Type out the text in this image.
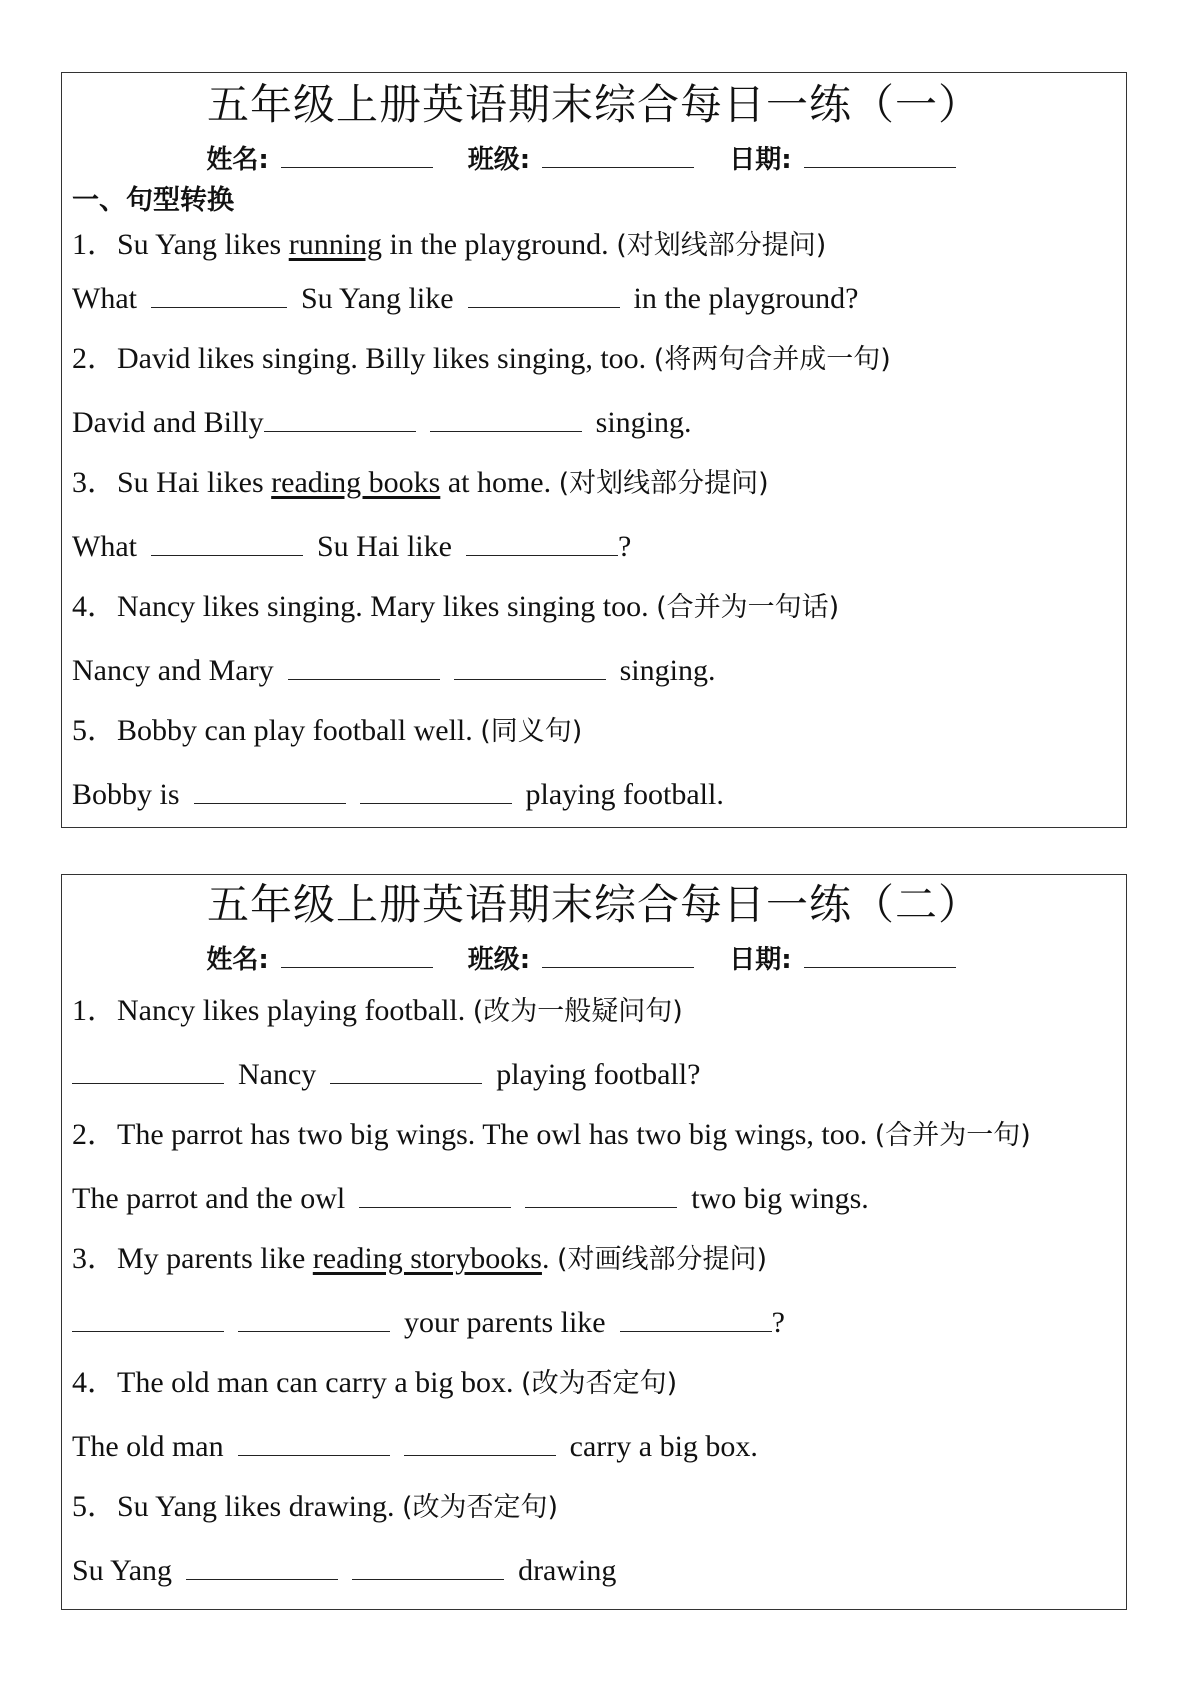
五年级上册英语期末综合每日一练（一）
姓名:	班级:	日期:
一、句型转换
1．Su Yang likes running in the playground. (对划线部分提问)
What	Su Yang like	in the playground?
2．David likes singing. Billy likes singing, too. (将两句合并成一句)
David and Billy	singing.
3．Su Hai likes reading books at home. (对划线部分提问)
What	Su Hai like	?
4．Nancy likes singing. Mary likes singing too. (合并为一句话)
Nancy and Mary	singing.
5．Bobby can play football well. (同义句)
Bobby is	playing football.
五年级上册英语期末综合每日一练（二）
姓名:	班级:	日期:
1．Nancy likes playing football. (改为一般疑问句)
Nancy	playing football?
2．The parrot has two big wings. The owl has two big wings, too. (合并为一句)
The parrot and the owl	two big wings.
3．My parents like reading storybooks. (对画线部分提问)
your parents like	?
4．The old man can carry a big box. (改为否定句)
The old man	carry a big box.
5．Su Yang likes drawing. (改为否定句)
Su Yang	drawing
